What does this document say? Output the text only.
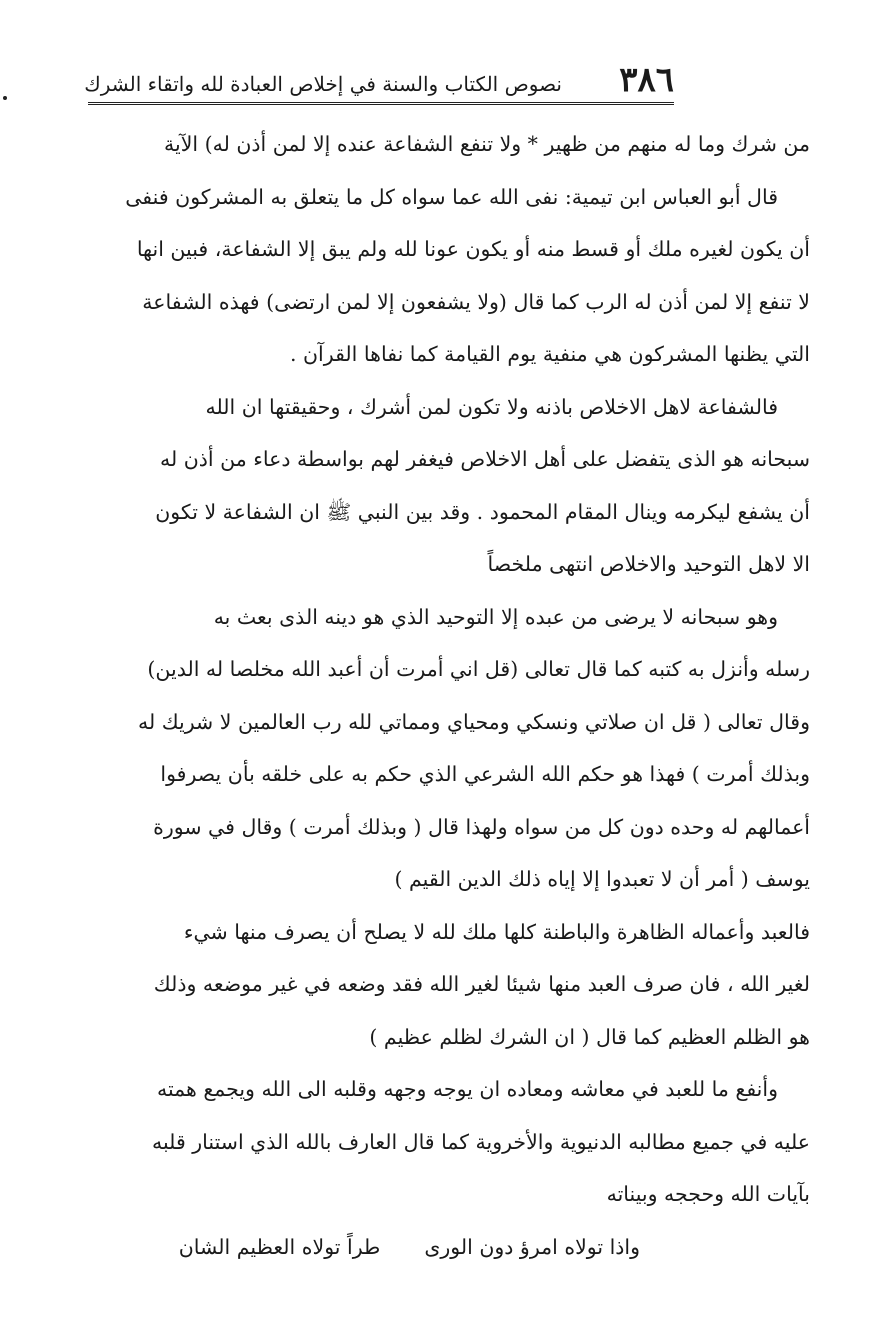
٣٨٦
نصوص الكتاب والسنة في إخلاص العبادة لله واتقاء الشرك
من شرك وما له منهم من ظهير * ولا تنفع الشفاعة عنده إلا لمن أذن له) الآية
قال أبو العباس ابن تيمية: نفى الله عما سواه كل ما يتعلق به المشركون فنفى
أن يكون لغيره ملك أو قسط منه أو يكون عونا لله ولم يبق إلا الشفاعة، فبين انها
لا تنفع إلا لمن أذن له الرب كما قال (ولا يشفعون إلا لمن ارتضى) فهذه الشفاعة
التي يظنها المشركون هي منفية يوم القيامة كما نفاها القرآن .
فالشفاعة لاهل الاخلاص باذنه ولا تكون لمن أشرك ، وحقيقتها ان الله
سبحانه هو الذى يتفضل على أهل الاخلاص فيغفر لهم بواسطة دعاء من أذن له
أن يشفع ليكرمه وينال المقام المحمود . وقد بين النبي ﷺ ان الشفاعة لا تكون
الا لاهل التوحيد والاخلاص انتهى ملخصاً
وهو سبحانه لا يرضى من عبده إلا التوحيد الذي هو دينه الذى بعث به
رسله وأنزل به كتبه كما قال تعالى (قل اني أمرت أن أعبد الله مخلصا له الدين)
وقال تعالى ( قل ان صلاتي ونسكي ومحياي ومماتي لله رب العالمين لا شريك له
وبذلك أمرت ) فهذا هو حكم الله الشرعي الذي حكم به على خلقه بأن يصرفوا
أعمالهم له وحده دون كل من سواه ولهذا قال ( وبذلك أمرت ) وقال في سورة
يوسف ( أمر أن لا تعبدوا إلا إياه ذلك الدين القيم )
فالعبد وأعماله الظاهرة والباطنة كلها ملك لله لا يصلح أن يصرف منها شيء
لغير الله ، فان صرف العبد منها شيئا لغير الله فقد وضعه في غير موضعه وذلك
هو الظلم العظيم كما قال ( ان الشرك لظلم عظيم )
وأنفع ما للعبد في معاشه ومعاده ان يوجه وجهه وقلبه الى الله ويجمع همته
عليه في جميع مطالبه الدنيوية والأخروية كما قال العارف بالله الذي استنار قلبه
بآيات الله وحججه وبيناته
واذا تولاه امرؤ دون الورى
طراً تولاه العظيم الشان
